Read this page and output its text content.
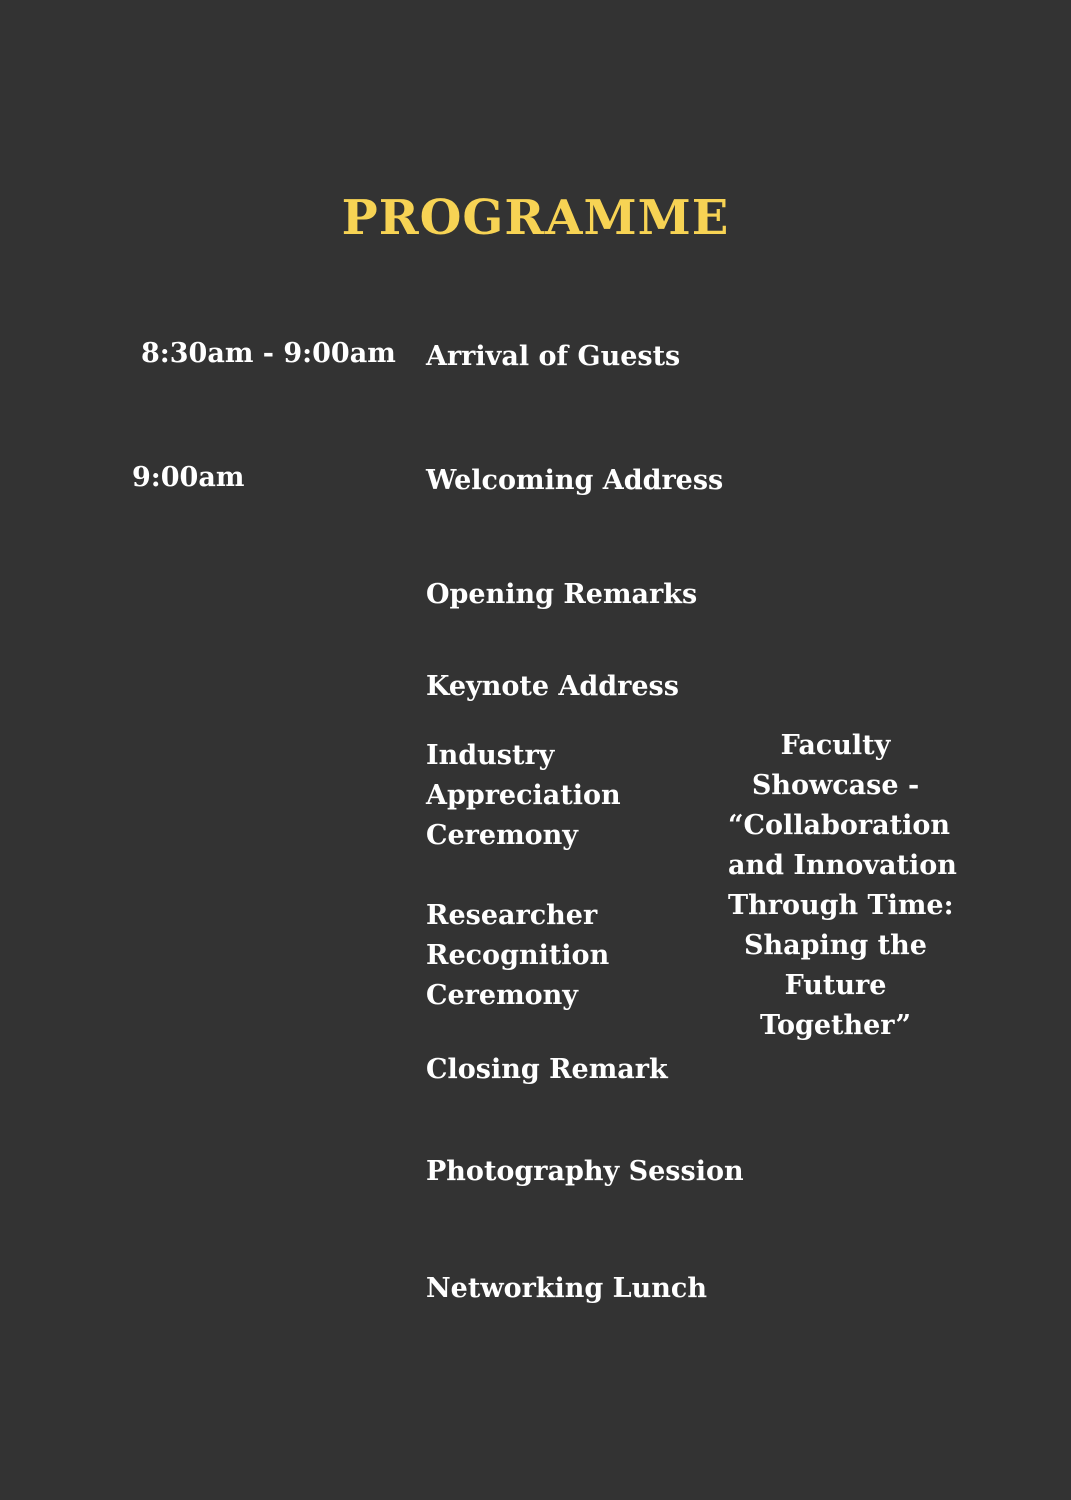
PROGRAMME
8:30am - 9:00am
9:00am
Arrival of Guests
Welcoming Address
Opening Remarks
Keynote Address
Industry
Appreciation
Ceremony
Researcher
Recognition
Ceremony
Closing Remark
Photography Session
Networking Lunch
Faculty
Showcase -
“Collaboration
and Innovation
Through Time:
Shaping the
Future
Together”
